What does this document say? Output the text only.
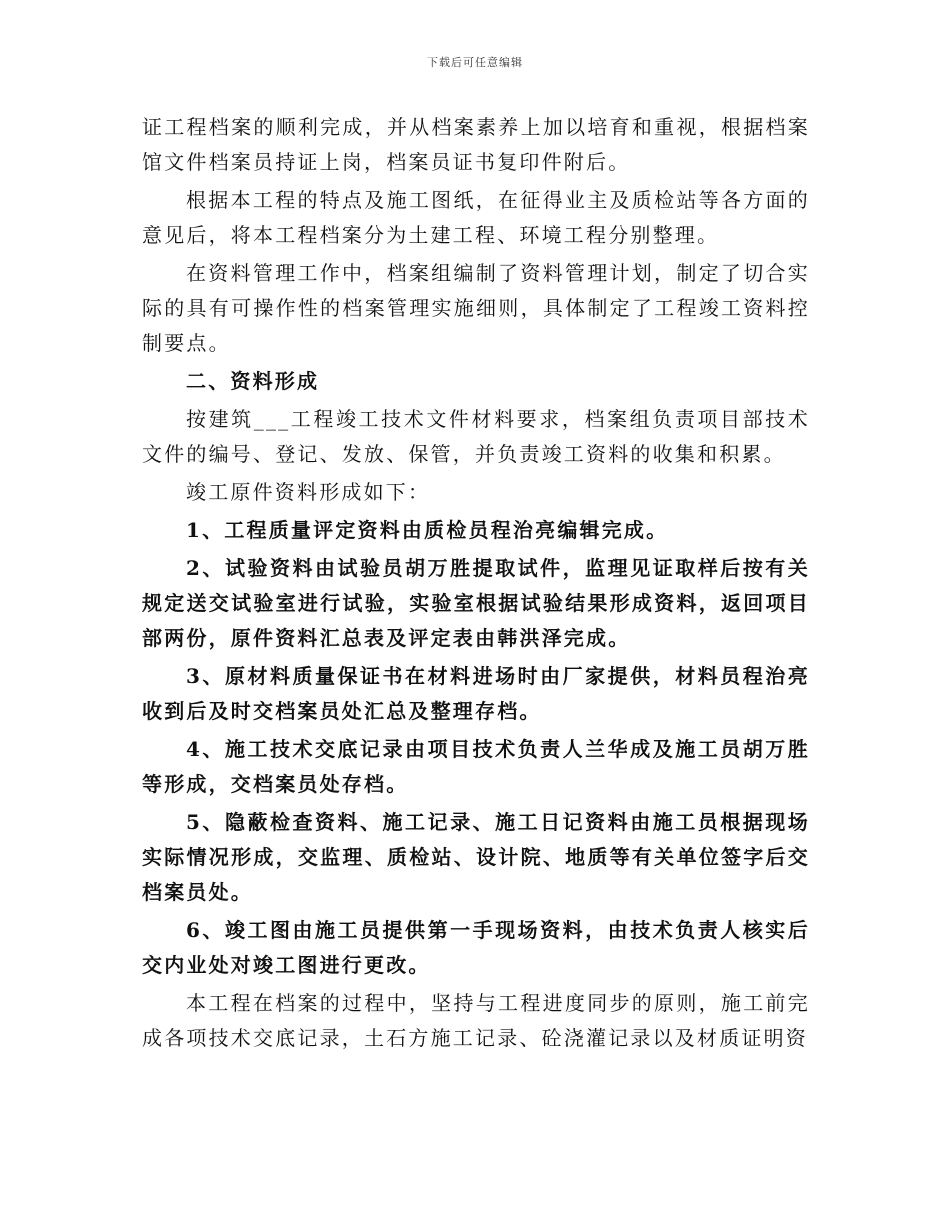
下载后可任意编辑

证工程档案的顺利完成，并从档案素养上加以培育和重视，根据档案馆文件档案员持证上岗，档案员证书复印件附后。

根据本工程的特点及施工图纸，在征得业主及质检站等各方面的意见后，将本工程档案分为土建工程、环境工程分别整理。

在资料管理工作中，档案组编制了资料管理计划，制定了切合实际的具有可操作性的档案管理实施细则，具体制定了工程竣工资料控制要点。

二、资料形成

按建筑___工程竣工技术文件材料要求，档案组负责项目部技术文件的编号、登记、发放、保管，并负责竣工资料的收集和积累。

竣工原件资料形成如下：

1、工程质量评定资料由质检员程治亮编辑完成。

2、试验资料由试验员胡万胜提取试件，监理见证取样后按有关规定送交试验室进行试验，实验室根据试验结果形成资料，返回项目部两份，原件资料汇总表及评定表由韩洪泽完成。

3、原材料质量保证书在材料进场时由厂家提供，材料员程治亮收到后及时交档案员处汇总及整理存档。

4、施工技术交底记录由项目技术负责人兰华成及施工员胡万胜等形成，交档案员处存档。

5、隐蔽检查资料、施工记录、施工日记资料由施工员根据现场实际情况形成，交监理、质检站、设计院、地质等有关单位签字后交档案员处。

6、竣工图由施工员提供第一手现场资料，由技术负责人核实后交内业处对竣工图进行更改。

本工程在档案的过程中，坚持与工程进度同步的原则，施工前完成各项技术交底记录，土石方施工记录、砼浇灌记录以及材质证明资
